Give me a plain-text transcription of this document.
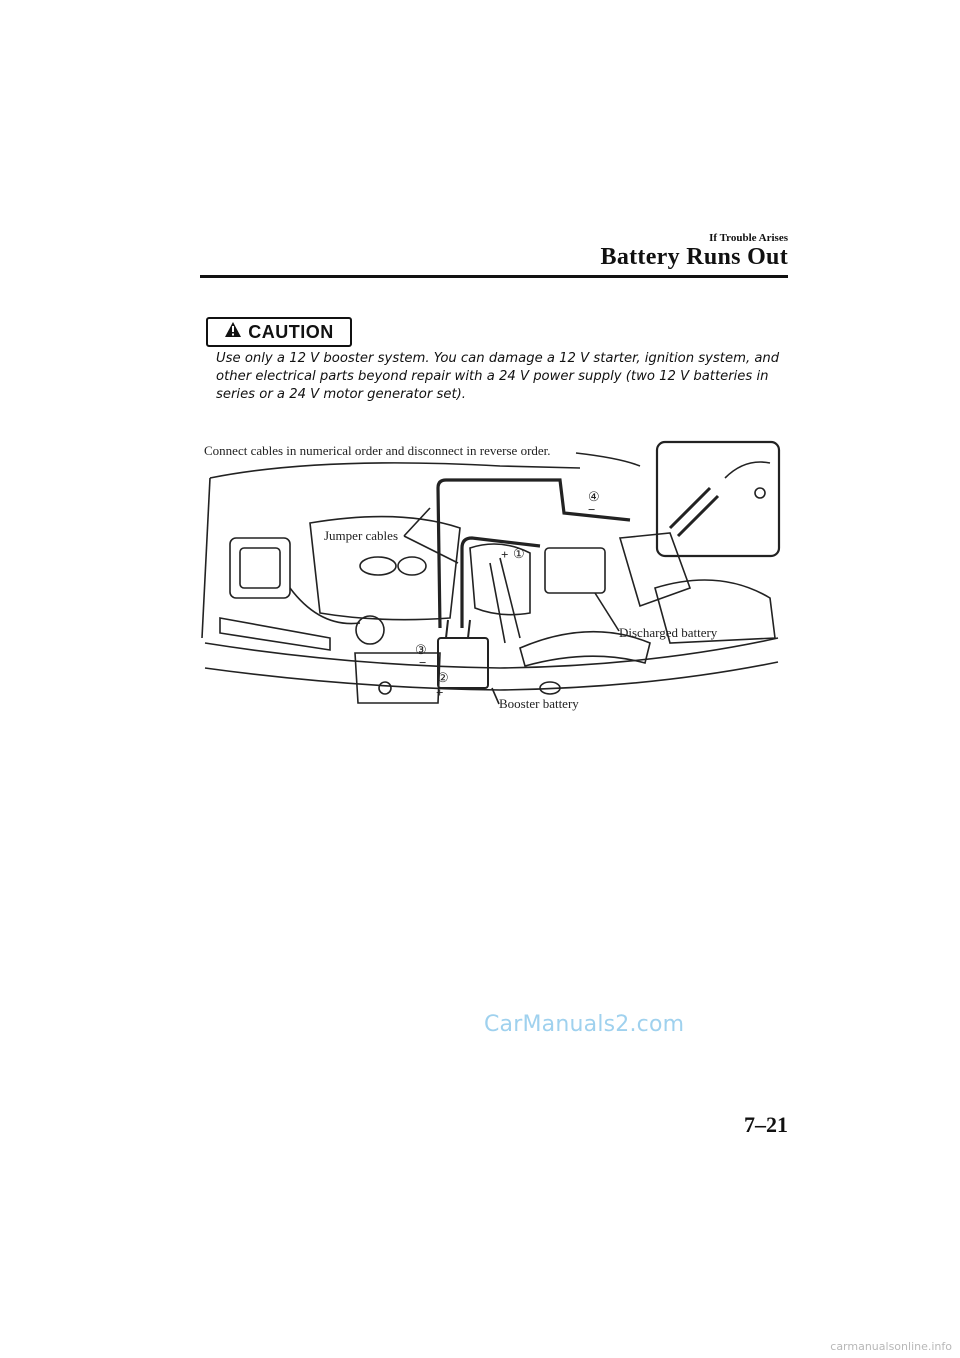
If Trouble Arises
Battery Runs Out
CAUTION
Use only a 12 V booster system. You can damage a 12 V starter, ignition system, and other electrical parts beyond repair with a 24 V power supply (two 12 V batteries in series or a 24 V motor generator set).
Connect cables in numerical order and disconnect in reverse order.
Jumper cables
Discharged battery
Booster battery
①
②
③
④
+
+
−
−
CarManuals2.com
7–21
carmanualsonline.info
